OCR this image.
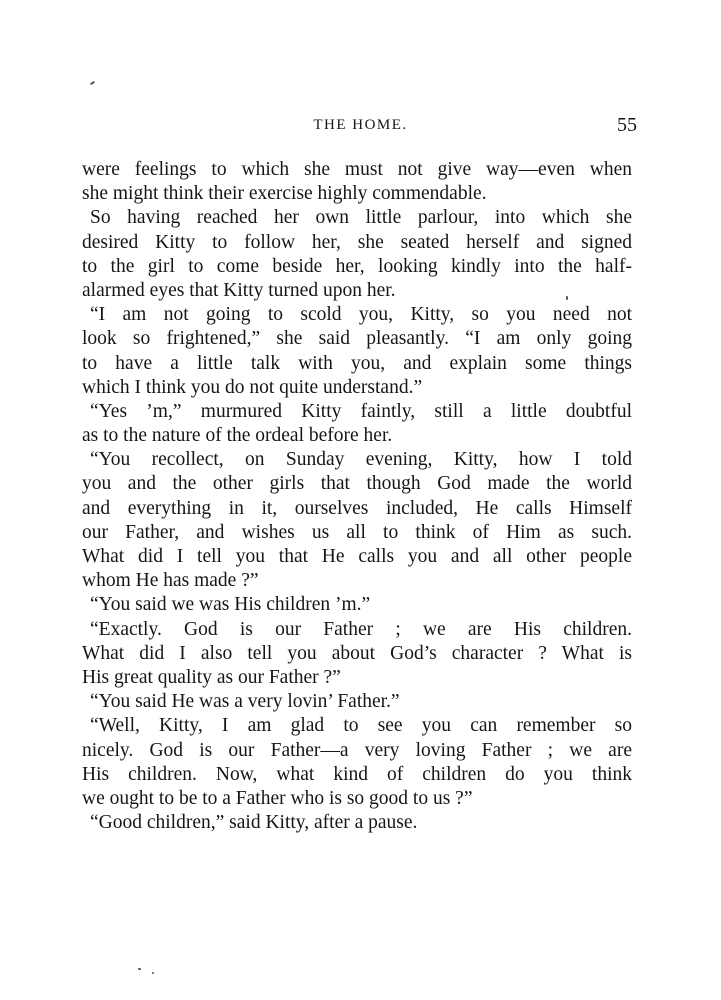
THE HOME.	55
were feelings to which she must not give way—even when
she might think their exercise highly commendable.
So having reached her own little parlour, into which she
desired Kitty to follow her, she seated herself and signed
to the girl to come beside her, looking kindly into the half-
alarmed eyes that Kitty turned upon her.
“I am not going to scold you, Kitty, so you need not
look so frightened,” she said pleasantly. “I am only going
to have a little talk with you, and explain some things
which I think you do not quite understand.”
“Yes ’m,” murmured Kitty faintly, still a little doubtful
as to the nature of the ordeal before her.
“You recollect, on Sunday evening, Kitty, how I told
you and the other girls that though God made the world
and everything in it, ourselves included, He calls Himself
our Father, and wishes us all to think of Him as such.
What did I tell you that He calls you and all other people
whom He has made ?”
“You said we was His children ’m.”
“Exactly. God is our Father ; we are His children.
What did I also tell you about God’s character ? What is
His great quality as our Father ?”
“You said He was a very lovin’ Father.”
“Well, Kitty, I am glad to see you can remember so
nicely. God is our Father—a very loving Father ; we are
His children. Now, what kind of children do you think
we ought to be to a Father who is so good to us ?”
“Good children,” said Kitty, after a pause.
